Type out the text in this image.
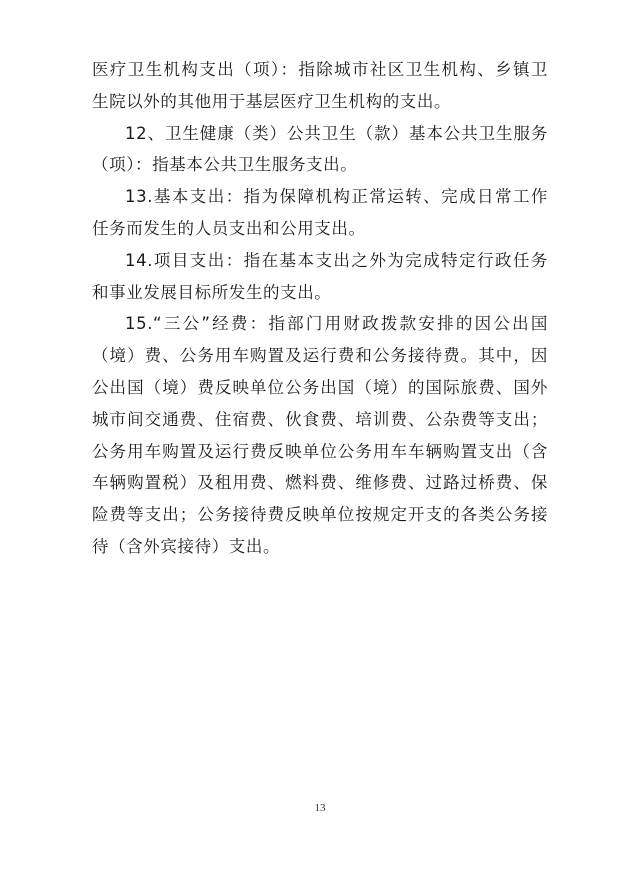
医疗卫生机构支出（项）：指除城市社区卫生机构、乡镇卫
生院以外的其他用于基层医疗卫生机构的支出。
12、卫生健康（类）公共卫生（款）基本公共卫生服务
（项）：指基本公共卫生服务支出。
13.基本支出：指为保障机构正常运转、完成日常工作
任务而发生的人员支出和公用支出。
14.项目支出：指在基本支出之外为完成特定行政任务
和事业发展目标所发生的支出。
15.“三公”经费：指部门用财政拨款安排的因公出国
（境）费、公务用车购置及运行费和公务接待费。其中，因
公出国（境）费反映单位公务出国（境）的国际旅费、国外
城市间交通费、住宿费、伙食费、培训费、公杂费等支出；
公务用车购置及运行费反映单位公务用车车辆购置支出（含
车辆购置税）及租用费、燃料费、维修费、过路过桥费、保
险费等支出；公务接待费反映单位按规定开支的各类公务接
待（含外宾接待）支出。
13
